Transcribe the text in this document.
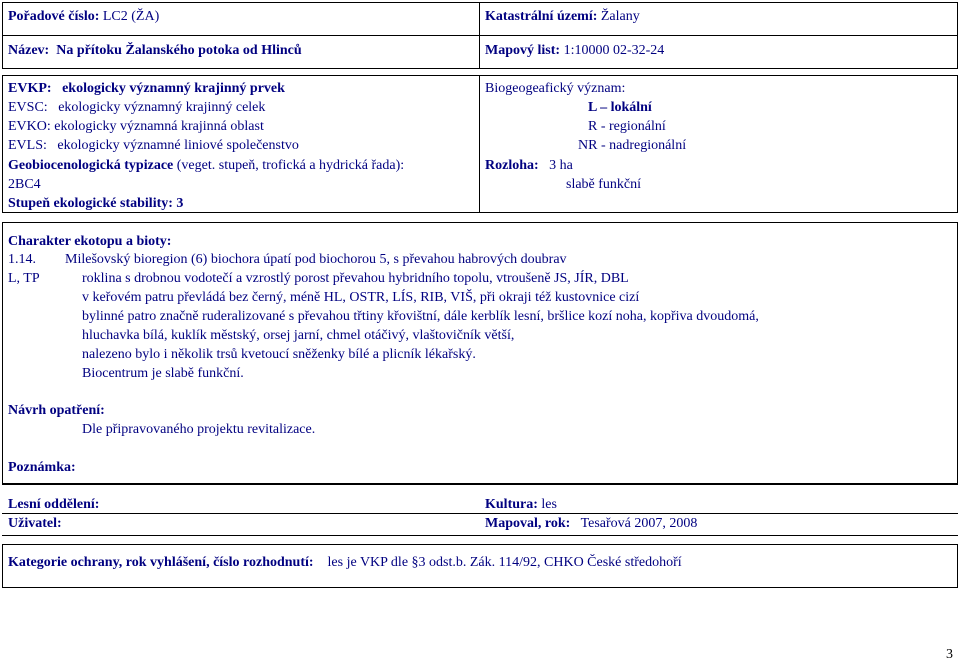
Pořadové číslo: LC2 (ŽA)	Katastrální území: Žalany
Název: Na přítoku Žalanského potoka od Hlinců	Mapový list: 1:10000 02-32-24
EVKP: ekologicky významný krajinný prvek
EVSC: ekologicky významný krajinný celek
EVKO: ekologicky významná krajinná oblast
EVLS: ekologicky významné liniové společenstvo
Geobiocenologická typizace (veget. stupeň, trofická a hydrická řada):
2BC4
Stupeň ekologické stability: 3
Biogeogeafický význam:
L – lokální
R - regionální
NR - nadregionální
Rozloha: 3 ha
slabě funkční
Charakter ekotopu a bioty:
1.14. Milešovský bioregion (6) biochora úpatí pod biochorou 5, s převahou habrových doubrav
L, TP	roklina s drobnou vodotečí a vzrostlý porost převahou hybridního topolu, vtroušeně JS, JÍR, DBL
v keřovém patru převládá bez černý, méně HL, OSTR, LÍS, RIB, VIŠ, při okraji též kustovnice cizí
bylinné patro značně ruderalizované s převahou třtiny křovištní, dále kerblík lesní, bršlice kozí noha, kopřiva dvoudomá,
hluchavka bílá, kuklík městský, orsej jarní, chmel otáčivý, vlaštovičník větší,
nalezeno bylo i několik trsů kvetoucí sněženky bílé a plicník lékařský.
Biocentrum je slabě funkční.
Návrh opatření:
Dle připravovaného projektu revitalizace.
Poznámka:
Lesní oddělení:	Kultura: les
Uživatel:	Mapoval, rok: Tesařová 2007, 2008
Kategorie ochrany, rok vyhlášení, číslo rozhodnutí: les je VKP dle §3 odst.b. Zák. 114/92, CHKO České středohoří
3
